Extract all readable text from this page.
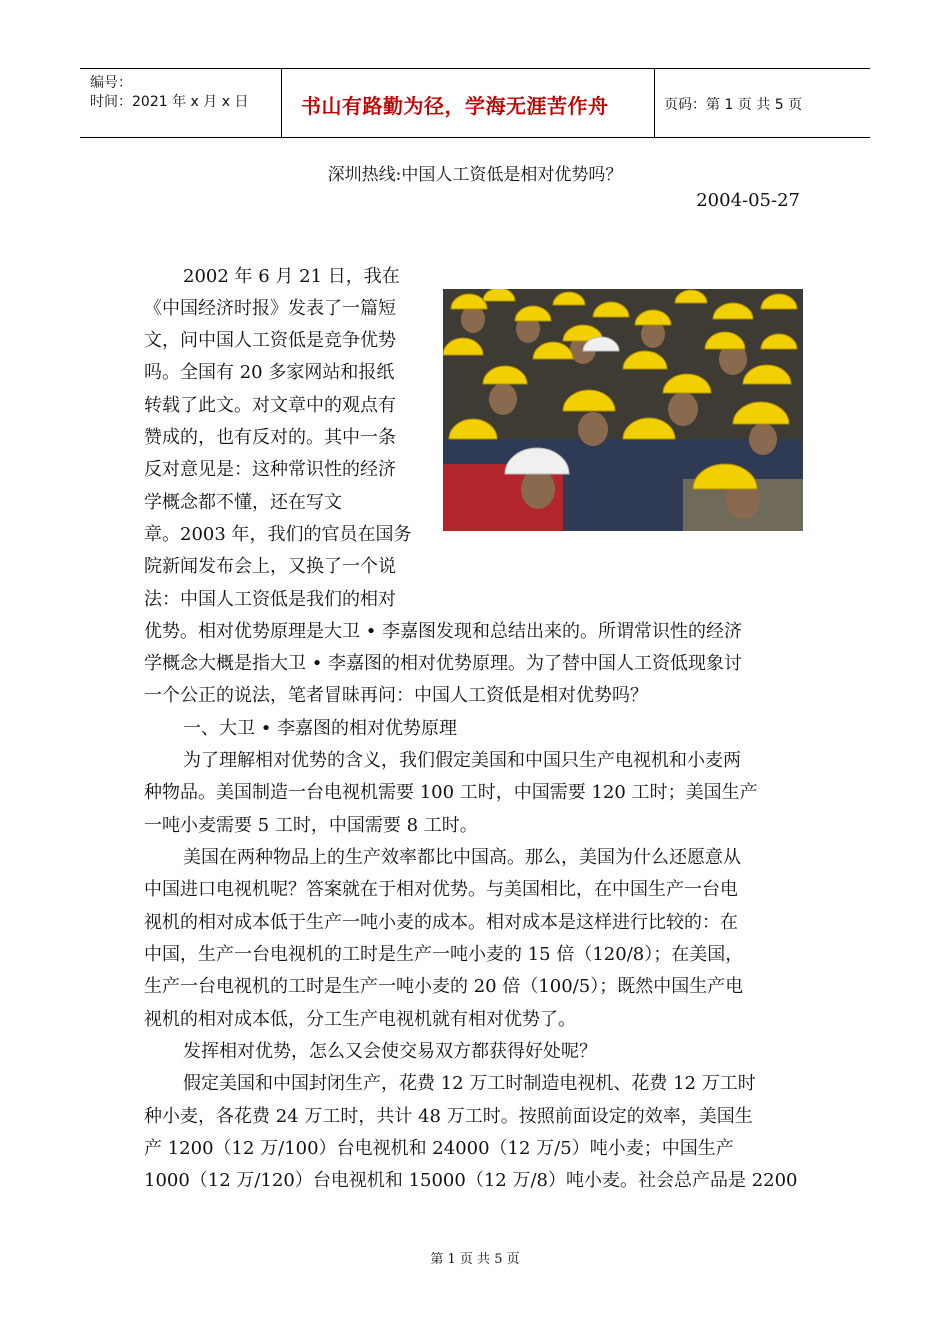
编号：
时间：2021 年 x 月 x 日	书山有路勤为径，学海无涯苦作舟	页码：第 1 页 共 5 页
深圳热线:中国人工资低是相对优势吗？
2004-05-27
2002 年 6 月 21 日，我在
《中国经济时报》发表了一篇短
文，问中国人工资低是竞争优势
吗。全国有 20 多家网站和报纸
转载了此文。对文章中的观点有
赞成的，也有反对的。其中一条
反对意见是：这种常识性的经济
学概念都不懂，还在写文
章。2003 年，我们的官员在国务
院新闻发布会上，又换了一个说
法：中国人工资低是我们的相对
优势。相对优势原理是大卫 • 李嘉图发现和总结出来的。所谓常识性的经济
学概念大概是指大卫 • 李嘉图的相对优势原理。为了替中国人工资低现象讨
一个公正的说法，笔者冒昧再问：中国人工资低是相对优势吗？
一、大卫 • 李嘉图的相对优势原理
为了理解相对优势的含义，我们假定美国和中国只生产电视机和小麦两
种物品。美国制造一台电视机需要 100 工时，中国需要 120 工时；美国生产
一吨小麦需要 5 工时，中国需要 8 工时。
美国在两种物品上的生产效率都比中国高。那么，美国为什么还愿意从
中国进口电视机呢？答案就在于相对优势。与美国相比，在中国生产一台电
视机的相对成本低于生产一吨小麦的成本。相对成本是这样进行比较的：在
中国，生产一台电视机的工时是生产一吨小麦的 15 倍（120/8）；在美国，
生产一台电视机的工时是生产一吨小麦的 20 倍（100/5）；既然中国生产电
视机的相对成本低，分工生产电视机就有相对优势了。
发挥相对优势，怎么又会使交易双方都获得好处呢？
假定美国和中国封闭生产，花费 12 万工时制造电视机、花费 12 万工时
种小麦，各花费 24 万工时，共计 48 万工时。按照前面设定的效率，美国生
产 1200（12 万/100）台电视机和 24000（12 万/5）吨小麦；中国生产
1000（12 万/120）台电视机和 15000（12 万/8）吨小麦。社会总产品是 2200
第 1 页 共 5 页
